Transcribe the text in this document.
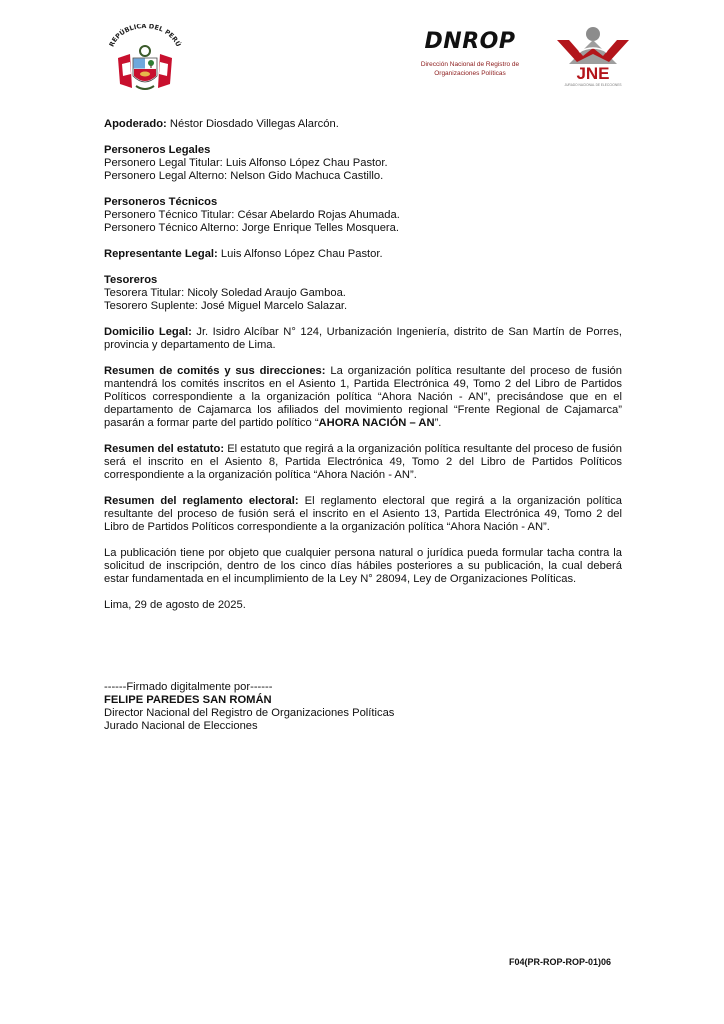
REPÚBLICA DEL PERÚ	DNROP
Dirección Nacional de Registro de
Organizaciones Políticas	JNE
JURADO NACIONAL DE ELECCIONES

Apoderado: Néstor Diosdado Villegas Alarcón.

Personeros Legales

Personero Legal Titular: Luis Alfonso López Chau Pastor.

Personero Legal Alterno: Nelson Gido Machuca Castillo.

Personeros Técnicos

Personero Técnico Titular: César Abelardo Rojas Ahumada.

Personero Técnico Alterno: Jorge Enrique Telles Mosquera.

Representante Legal: Luis Alfonso López Chau Pastor.

Tesoreros

Tesorera Titular: Nicoly Soledad Araujo Gamboa.

Tesorero Suplente: José Miguel Marcelo Salazar.

Domicilio Legal: Jr. Isidro Alcíbar N° 124, Urbanización Ingeniería, distrito de San Martín de Porres, provincia y departamento de Lima.

Resumen de comités y sus direcciones: La organización política resultante del proceso de fusión mantendrá los comités inscritos en el Asiento 1, Partida Electrónica 49, Tomo 2 del Libro de Partidos Políticos correspondiente a la organización política “Ahora Nación - AN”, precisándose que en el departamento de Cajamarca los afiliados del movimiento regional “Frente Regional de Cajamarca” pasarán a formar parte del partido político “AHORA NACIÓN – AN”.

Resumen del estatuto: El estatuto que regirá a la organización política resultante del proceso de fusión será el inscrito en el Asiento 8, Partida Electrónica 49, Tomo 2 del Libro de Partidos Políticos correspondiente a la organización política “Ahora Nación - AN”.

Resumen del reglamento electoral: El reglamento electoral que regirá a la organización política resultante del proceso de fusión será el inscrito en el Asiento 13, Partida Electrónica 49, Tomo 2 del Libro de Partidos Políticos correspondiente a la organización política “Ahora Nación - AN”.

La publicación tiene por objeto que cualquier persona natural o jurídica pueda formular tacha contra la solicitud de inscripción, dentro de los cinco días hábiles posteriores a su publicación, la cual deberá estar fundamentada en el incumplimiento de la Ley N° 28094, Ley de Organizaciones Políticas.

Lima, 29 de agosto de 2025.

------Firmado digitalmente por------
FELIPE PAREDES SAN ROMÁN
Director Nacional del Registro de Organizaciones Políticas
Jurado Nacional de Elecciones
F04(PR-ROP-ROP-01)06
